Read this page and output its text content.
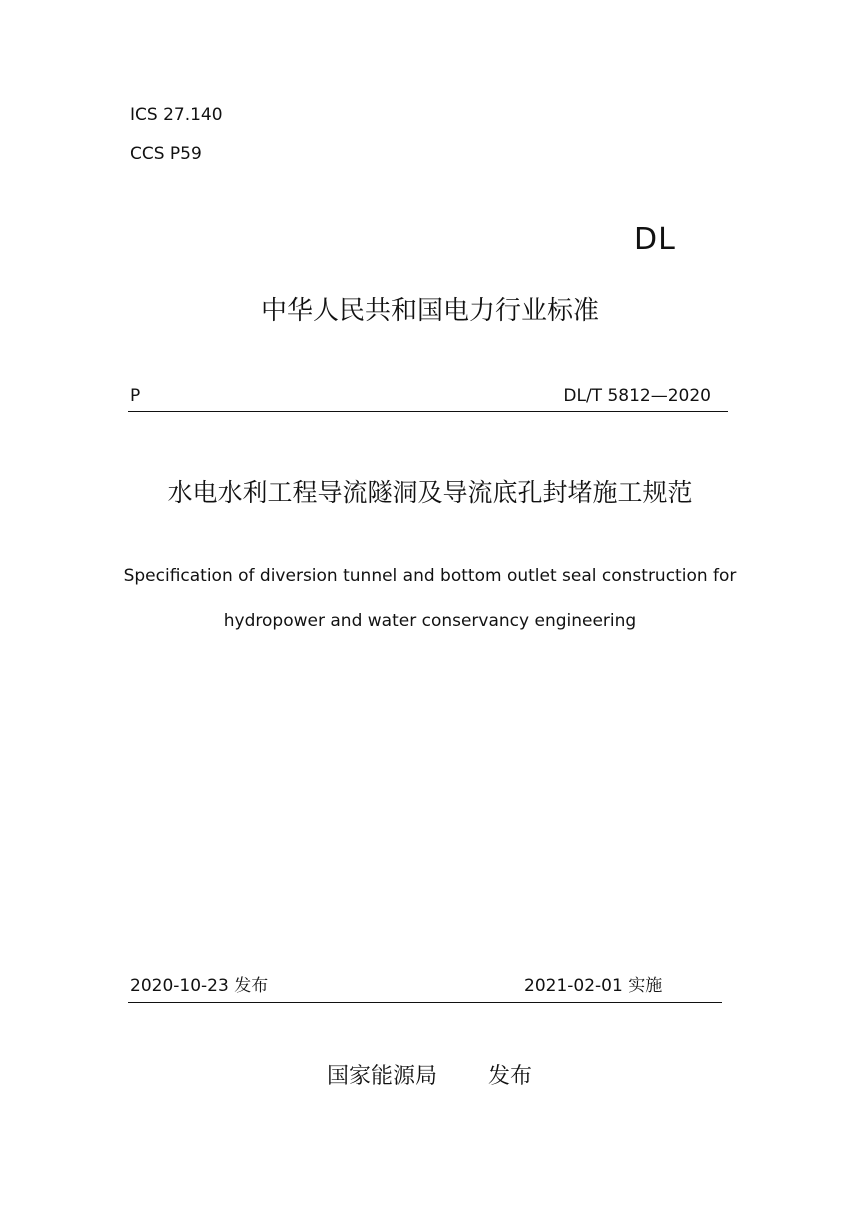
ICS 27.140
CCS P59
DL
中华人民共和国电力行业标准
P	DL/T 5812—2020
水电水利工程导流隧洞及导流底孔封堵施工规范
Specification of diversion tunnel and bottom outlet seal construction for
hydropower and water conservancy engineering
2020-10-23 发布	2021-02-01 实施
国家能源局 发布
